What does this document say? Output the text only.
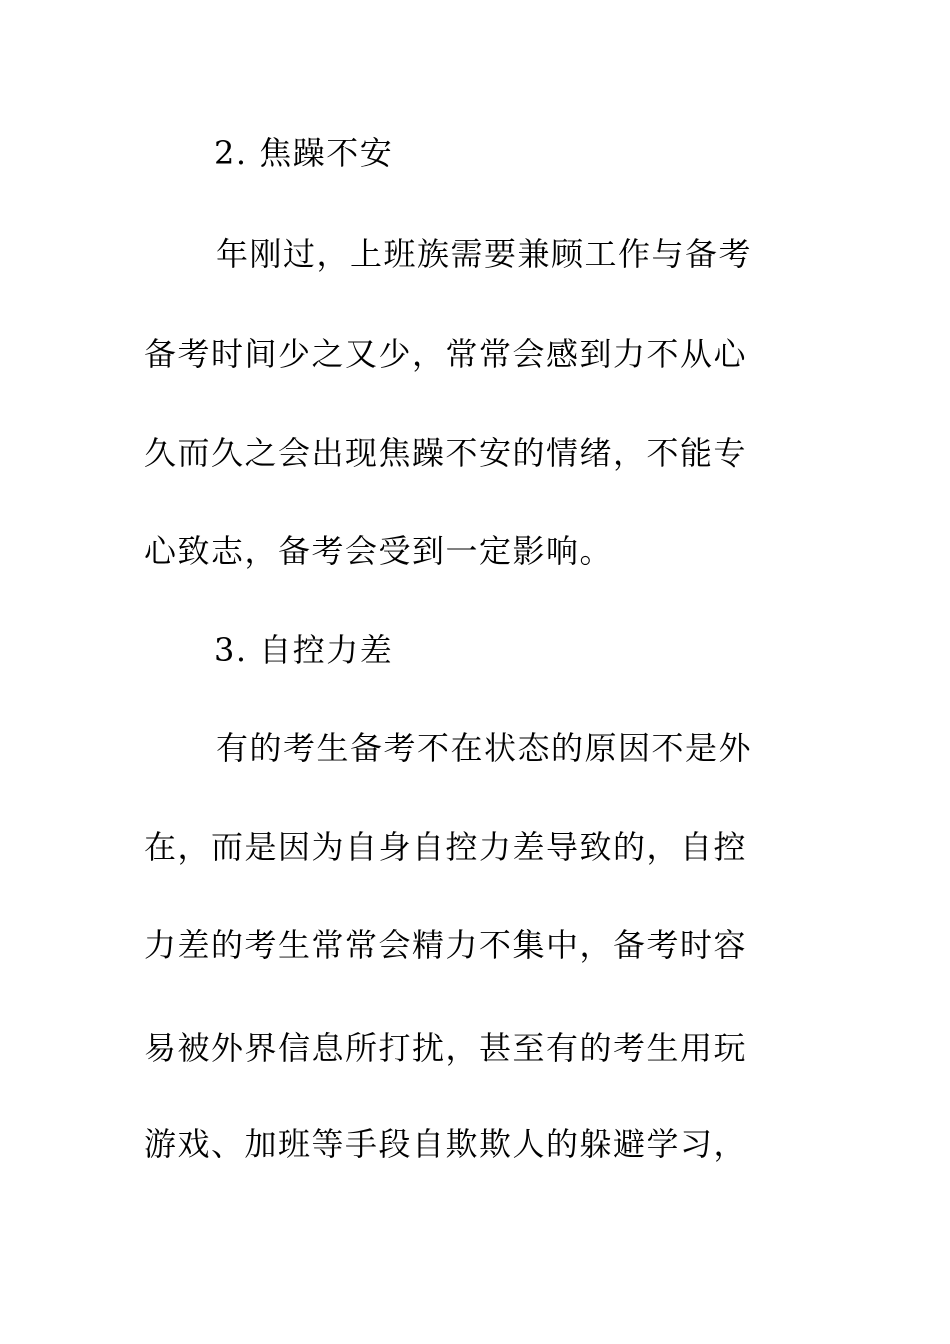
2. 焦躁不安
年刚过，上班族需要兼顾工作与备考
备考时间少之又少，常常会感到力不从心
久而久之会出现焦躁不安的情绪，不能专
心致志，备考会受到一定影响。
3. 自控力差
有的考生备考不在状态的原因不是外
在，而是因为自身自控力差导致的，自控
力差的考生常常会精力不集中，备考时容
易被外界信息所打扰，甚至有的考生用玩
游戏、加班等手段自欺欺人的躲避学习，
